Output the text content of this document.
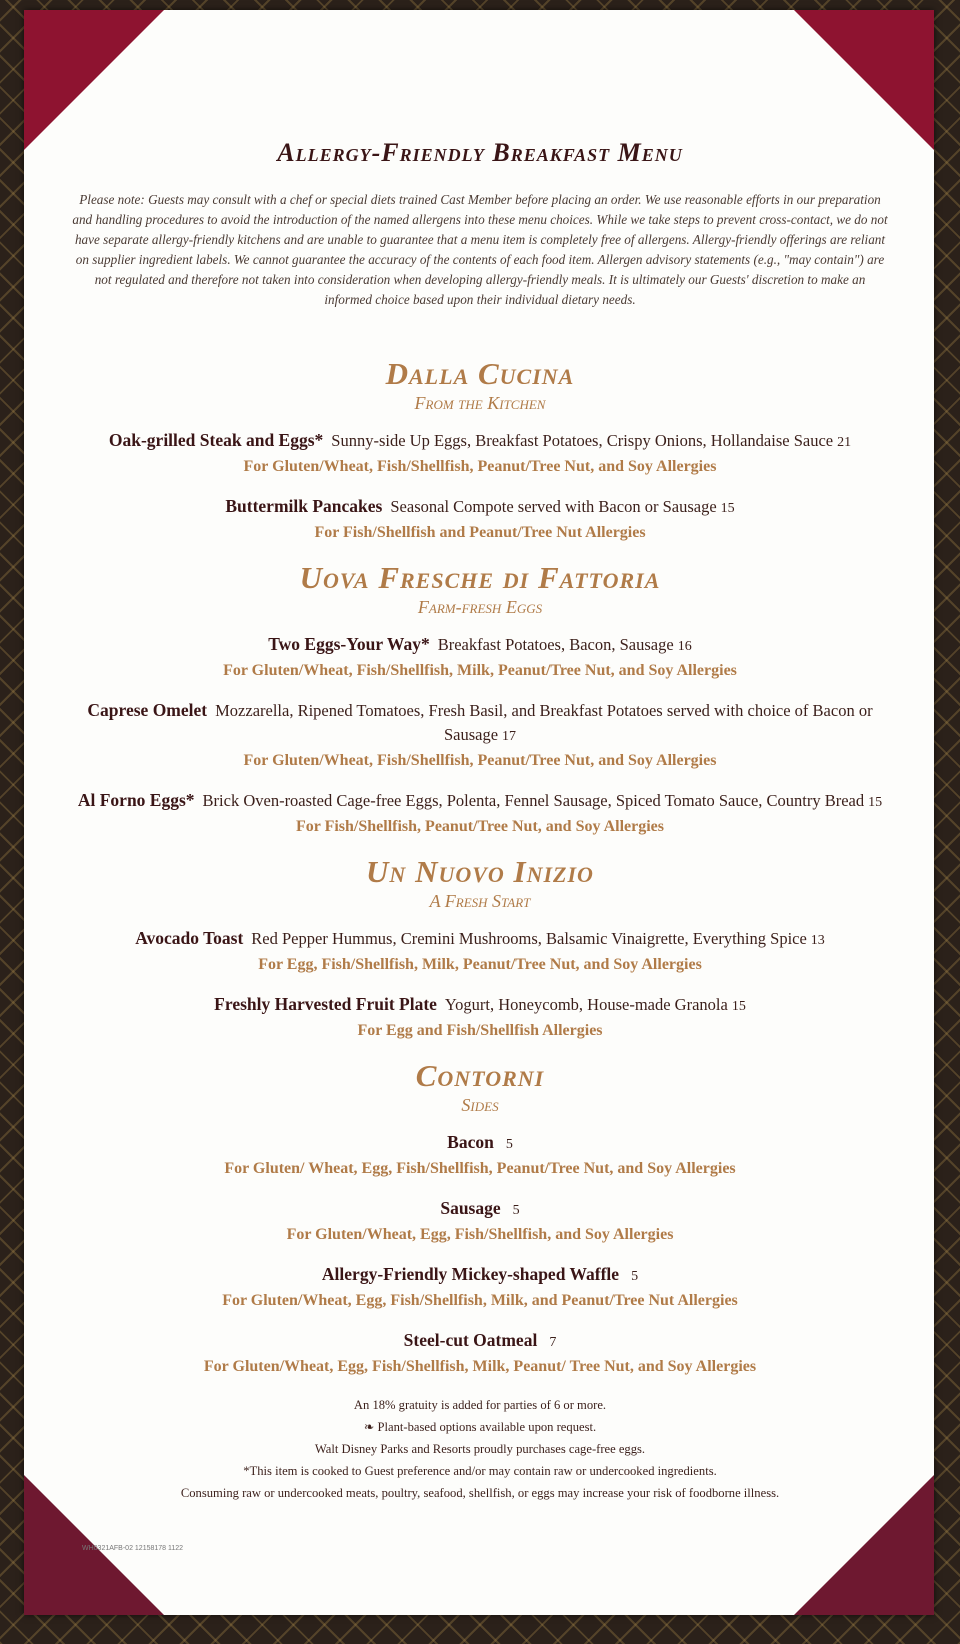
Allergy-Friendly Breakfast Menu
Please note: Guests may consult with a chef or special diets trained Cast Member before placing an order. We use reasonable efforts in our preparation and handling procedures to avoid the introduction of the named allergens into these menu choices. While we take steps to prevent cross-contact, we do not have separate allergy-friendly kitchens and are unable to guarantee that a menu item is completely free of allergens. Allergy-friendly offerings are reliant on supplier ingredient labels. We cannot guarantee the accuracy of the contents of each food item. Allergen advisory statements (e.g., "may contain") are not regulated and therefore not taken into consideration when developing allergy-friendly meals. It is ultimately our Guests' discretion to make an informed choice based upon their individual dietary needs.
Dalla Cucina
From the Kitchen
Oak-grilled Steak and Eggs* Sunny-side Up Eggs, Breakfast Potatoes, Crispy Onions, Hollandaise Sauce 21
For Gluten/Wheat, Fish/Shellfish, Peanut/Tree Nut, and Soy Allergies
Buttermilk Pancakes Seasonal Compote served with Bacon or Sausage 15
For Fish/Shellfish and Peanut/Tree Nut Allergies
Uova Fresche di Fattoria
Farm-fresh Eggs
Two Eggs-Your Way* Breakfast Potatoes, Bacon, Sausage 16
For Gluten/Wheat, Fish/Shellfish, Milk, Peanut/Tree Nut, and Soy Allergies
Caprese Omelet Mozzarella, Ripened Tomatoes, Fresh Basil, and Breakfast Potatoes served with choice of Bacon or Sausage 17
For Gluten/Wheat, Fish/Shellfish, Peanut/Tree Nut, and Soy Allergies
Al Forno Eggs* Brick Oven-roasted Cage-free Eggs, Polenta, Fennel Sausage, Spiced Tomato Sauce, Country Bread 15
For Fish/Shellfish, Peanut/Tree Nut, and Soy Allergies
Un Nuovo Inizio
A Fresh Start
Avocado Toast Red Pepper Hummus, Cremini Mushrooms, Balsamic Vinaigrette, Everything Spice 13
For Egg, Fish/Shellfish, Milk, Peanut/Tree Nut, and Soy Allergies
Freshly Harvested Fruit Plate Yogurt, Honeycomb, House-made Granola 15
For Egg and Fish/Shellfish Allergies
Contorni
Sides
Bacon 5
For Gluten/ Wheat, Egg, Fish/Shellfish, Peanut/Tree Nut, and Soy Allergies
Sausage 5
For Gluten/Wheat, Egg, Fish/Shellfish, and Soy Allergies
Allergy-Friendly Mickey-shaped Waffle 5
For Gluten/Wheat, Egg, Fish/Shellfish, Milk, and Peanut/Tree Nut Allergies
Steel-cut Oatmeal 7
For Gluten/Wheat, Egg, Fish/Shellfish, Milk, Peanut/ Tree Nut, and Soy Allergies
An 18% gratuity is added for parties of 6 or more.
❧ Plant-based options available upon request.
Walt Disney Parks and Resorts proudly purchases cage-free eggs.
*This item is cooked to Guest preference and/or may contain raw or undercooked ingredients.
Consuming raw or undercooked meats, poultry, seafood, shellfish, or eggs may increase your risk of foodborne illness.
WH0321AFB-02 12158178 1122
